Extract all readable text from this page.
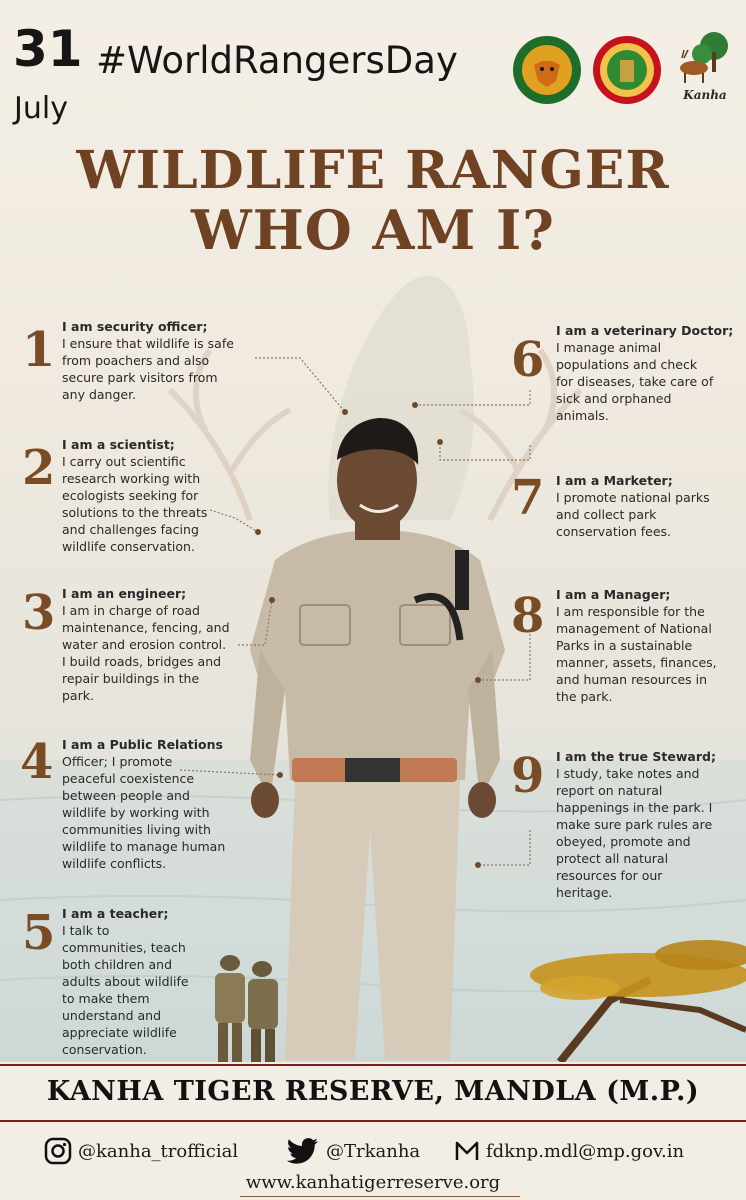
31
July
#WorldRangersDay
Kanha
WILDLIFE RANGER
WHO AM I?
1 I am security officer;
I ensure that wildlife is safe
from poachers and also
secure park visitors from
any danger.
2 I am a scientist;
I carry out scientific
research working with
ecologists seeking for
solutions to the threats
and challenges facing
wildlife conservation.
3 I am an engineer;
I am in charge of road
maintenance, fencing, and
water and erosion control.
I build roads, bridges and
repair buildings in the
park.
4 I am a Public Relations
Officer; I promote
peaceful coexistence
between people and
wildlife by working with
communities living with
wildlife to manage human
wildlife conflicts.
5 I am a teacher;
I talk to
communities, teach
both children and
adults about wildlife
to make them
understand and
appreciate wildlife
conservation.
6
I am a veterinary Doctor;
I manage animal
populations and check
for diseases, take care of
sick and orphaned
animals.
7 I am a Marketer;
I promote national parks
and collect park
conservation fees.
8 I am a Manager;
I am responsible for the
management of National
Parks in a sustainable
manner, assets, finances,
and human resources in
the park.
9 I am the true Steward;
I study, take notes and
report on natural
happenings in the park. I
make sure park rules are
obeyed, promote and
protect all natural
resources for our
heritage.
KANHA TIGER RESERVE, MANDLA (M.P.)
@kanha_trofficial	@Trkanha	fdknp.mdl@mp.gov.in
www.kanhatigerreserve.org
